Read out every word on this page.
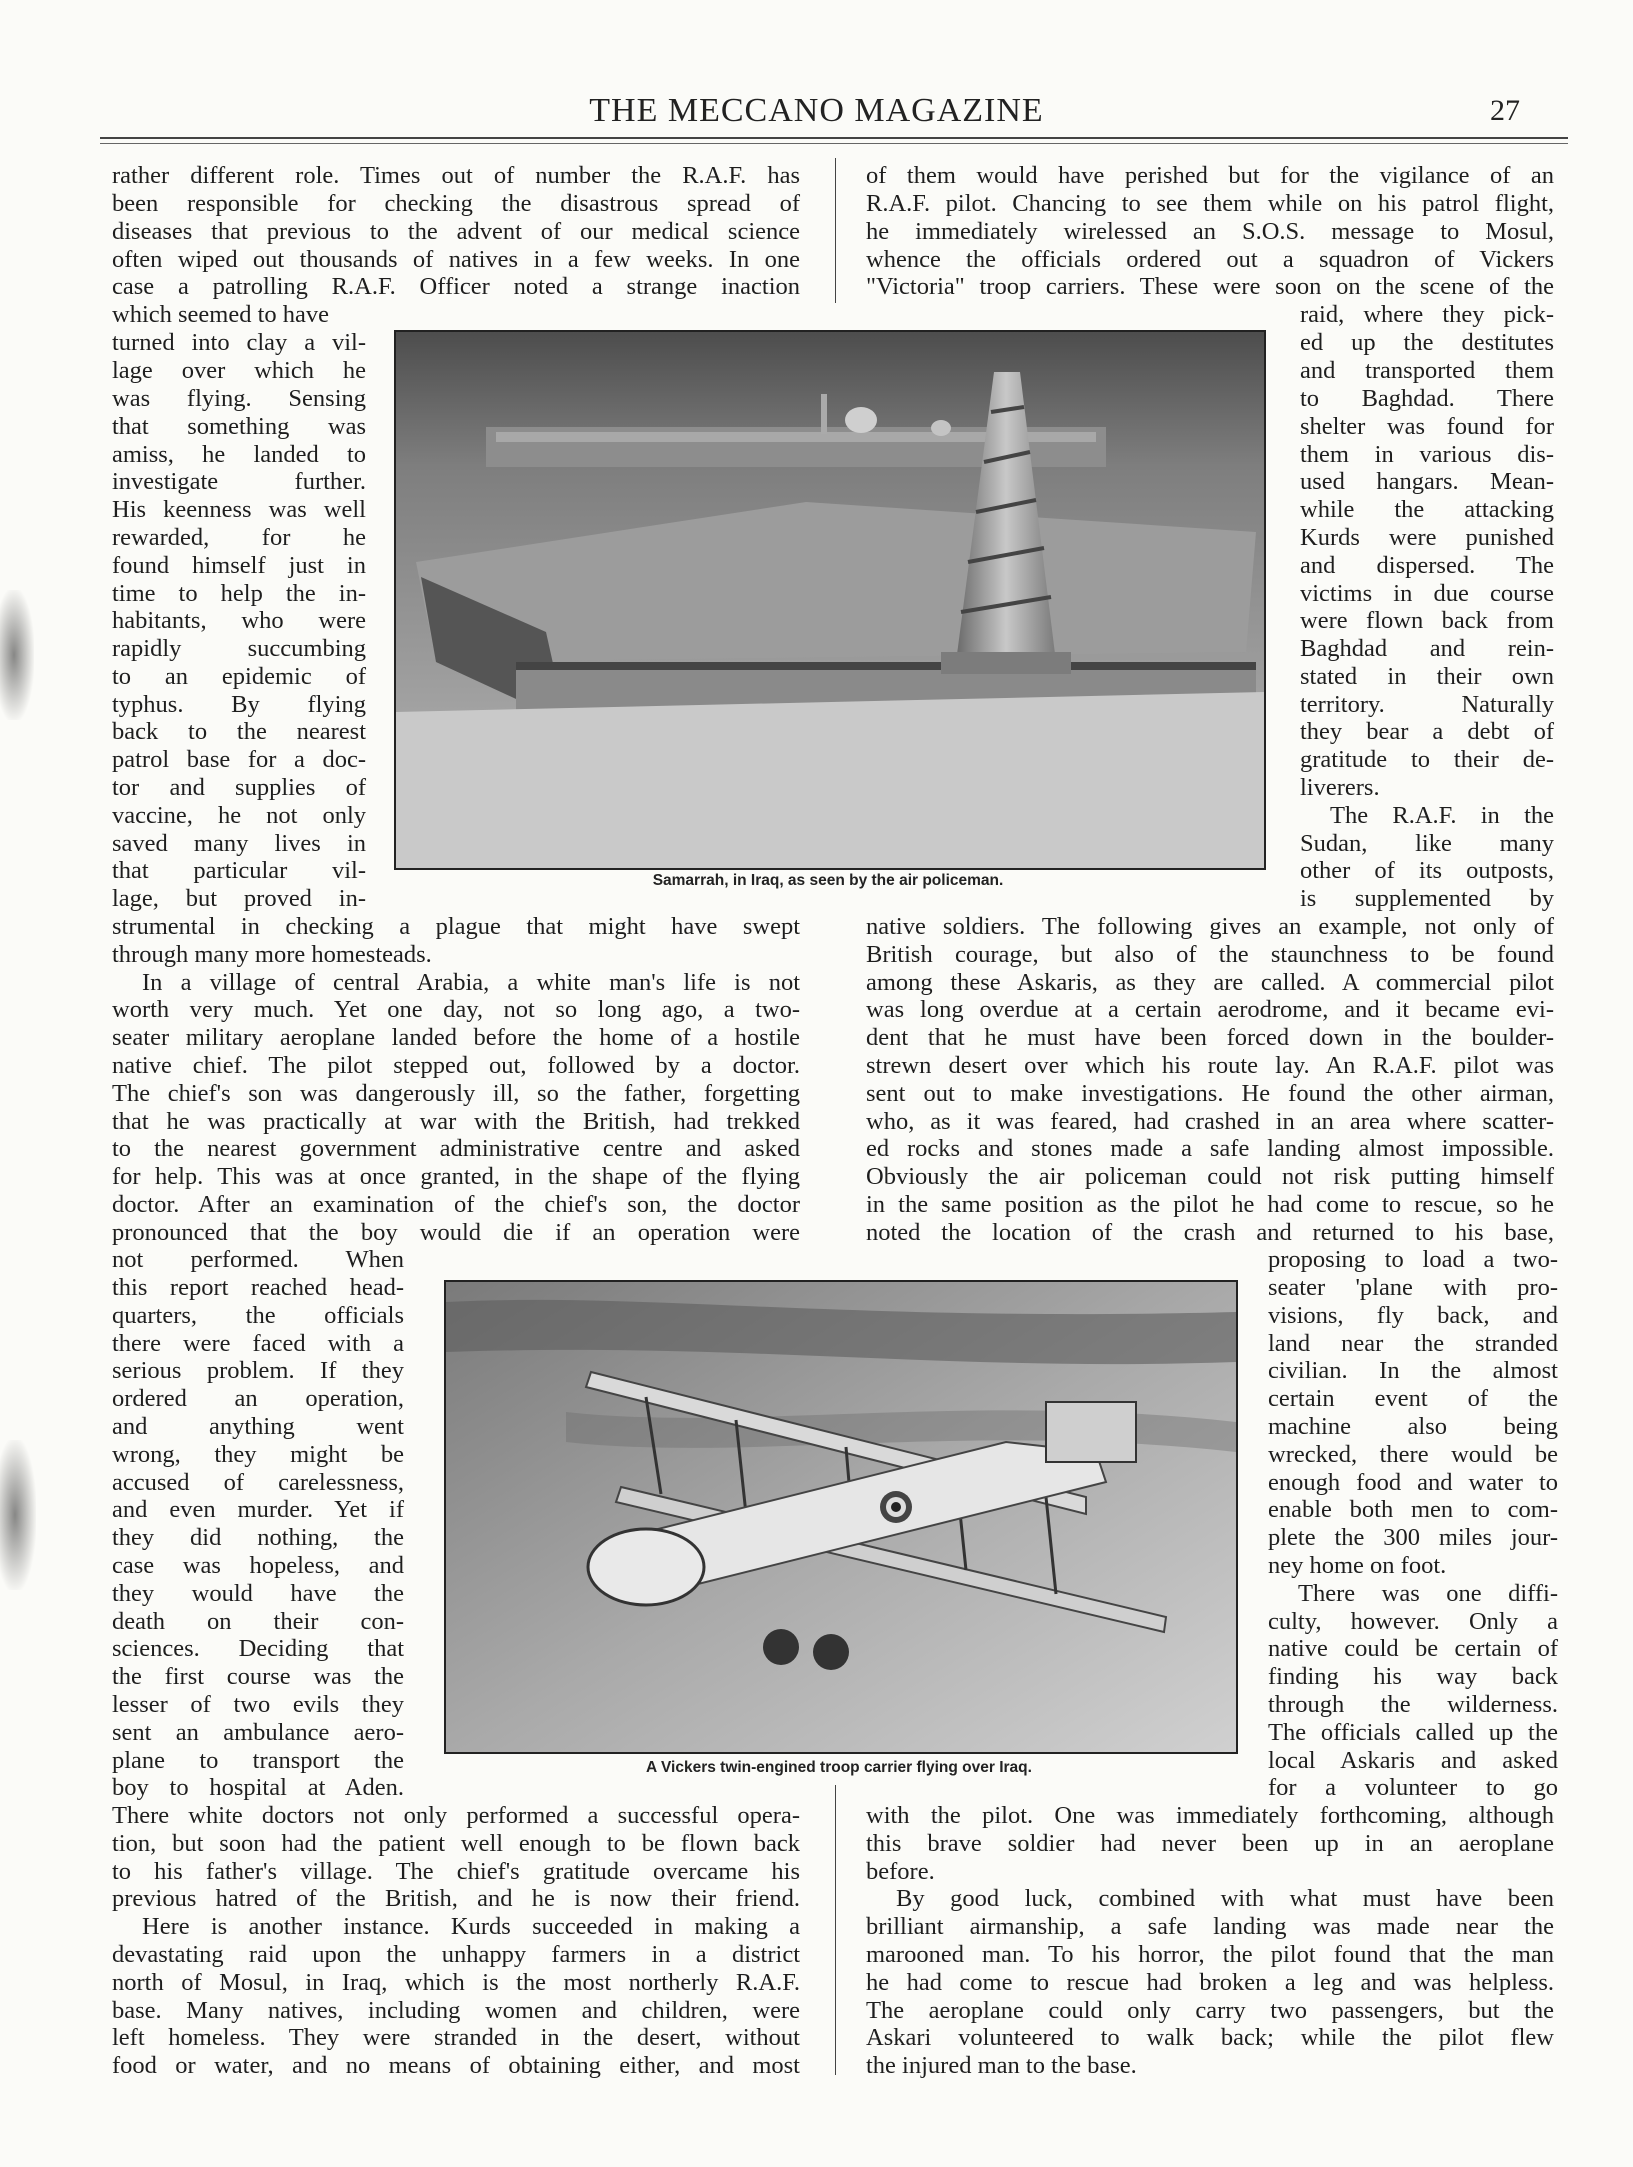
THE MECCANO MAGAZINE	27
Samarrah, in Iraq, as seen by the air policeman.
A Vickers twin-engined troop carrier flying over Iraq.
rather different role. Times out of number the R.A.F. has
been responsible for checking the disastrous spread of
diseases that previous to the advent of our medical science
often wiped out thousands of natives in a few weeks. In one
case a patrolling R.A.F. Officer noted a strange inaction
which seemed to have
turned into clay a vil-
lage over which he
was flying. Sensing
that something was
amiss, he landed to
investigate further.
His keenness was well
rewarded, for he
found himself just in
time to help the in-
habitants, who were
rapidly succumbing
to an epidemic of
typhus. By flying
back to the nearest
patrol base for a doc-
tor and supplies of
vaccine, he not only
saved many lives in
that particular vil-
lage, but proved in-
strumental in checking a plague that might have swept
through many more homesteads.
In a village of central Arabia, a white man's life is not
worth very much. Yet one day, not so long ago, a two-
seater military aeroplane landed before the home of a hostile
native chief. The pilot stepped out, followed by a doctor.
The chief's son was dangerously ill, so the father, forgetting
that he was practically at war with the British, had trekked
to the nearest government administrative centre and asked
for help. This was at once granted, in the shape of the flying
doctor. After an examination of the chief's son, the doctor
pronounced that the boy would die if an operation were
not performed. When
this report reached head-
quarters, the officials
there were faced with a
serious problem. If they
ordered an operation,
and anything went
wrong, they might be
accused of carelessness,
and even murder. Yet if
they did nothing, the
case was hopeless, and
they would have the
death on their con-
sciences. Deciding that
the first course was the
lesser of two evils they
sent an ambulance aero-
plane to transport the
boy to hospital at Aden.
There white doctors not only performed a successful opera-
tion, but soon had the patient well enough to be flown back
to his father's village. The chief's gratitude overcame his
previous hatred of the British, and he is now their friend.
Here is another instance. Kurds succeeded in making a
devastating raid upon the unhappy farmers in a district
north of Mosul, in Iraq, which is the most northerly R.A.F.
base. Many natives, including women and children, were
left homeless. They were stranded in the desert, without
food or water, and no means of obtaining either, and most
of them would have perished but for the vigilance of an
R.A.F. pilot. Chancing to see them while on his patrol flight,
he immediately wirelessed an S.O.S. message to Mosul,
whence the officials ordered out a squadron of Vickers
"Victoria" troop carriers. These were soon on the scene of the
raid, where they pick-
ed up the destitutes
and transported them
to Baghdad. There
shelter was found for
them in various dis-
used hangars. Mean-
while the attacking
Kurds were punished
and dispersed. The
victims in due course
were flown back from
Baghdad and rein-
stated in their own
territory. Naturally
they bear a debt of
gratitude to their de-
liverers.
The R.A.F. in the
Sudan, like many
other of its outposts,
is supplemented by
native soldiers. The following gives an example, not only of
British courage, but also of the staunchness to be found
among these Askaris, as they are called. A commercial pilot
was long overdue at a certain aerodrome, and it became evi-
dent that he must have been forced down in the boulder-
strewn desert over which his route lay. An R.A.F. pilot was
sent out to make investigations. He found the other airman,
who, as it was feared, had crashed in an area where scatter-
ed rocks and stones made a safe landing almost impossible.
Obviously the air policeman could not risk putting himself
in the same position as the pilot he had come to rescue, so he
noted the location of the crash and returned to his base,
proposing to load a two-
seater 'plane with pro-
visions, fly back, and
land near the stranded
civilian. In the almost
certain event of the
machine also being
wrecked, there would be
enough food and water to
enable both men to com-
plete the 300 miles jour-
ney home on foot.
There was one diffi-
culty, however. Only a
native could be certain of
finding his way back
through the wilderness.
The officials called up the
local Askaris and asked
for a volunteer to go
with the pilot. One was immediately forthcoming, although
this brave soldier had never been up in an aeroplane
before.
By good luck, combined with what must have been
brilliant airmanship, a safe landing was made near the
marooned man. To his horror, the pilot found that the man
he had come to rescue had broken a leg and was helpless.
The aeroplane could only carry two passengers, but the
Askari volunteered to walk back; while the pilot flew
the injured man to the base.
